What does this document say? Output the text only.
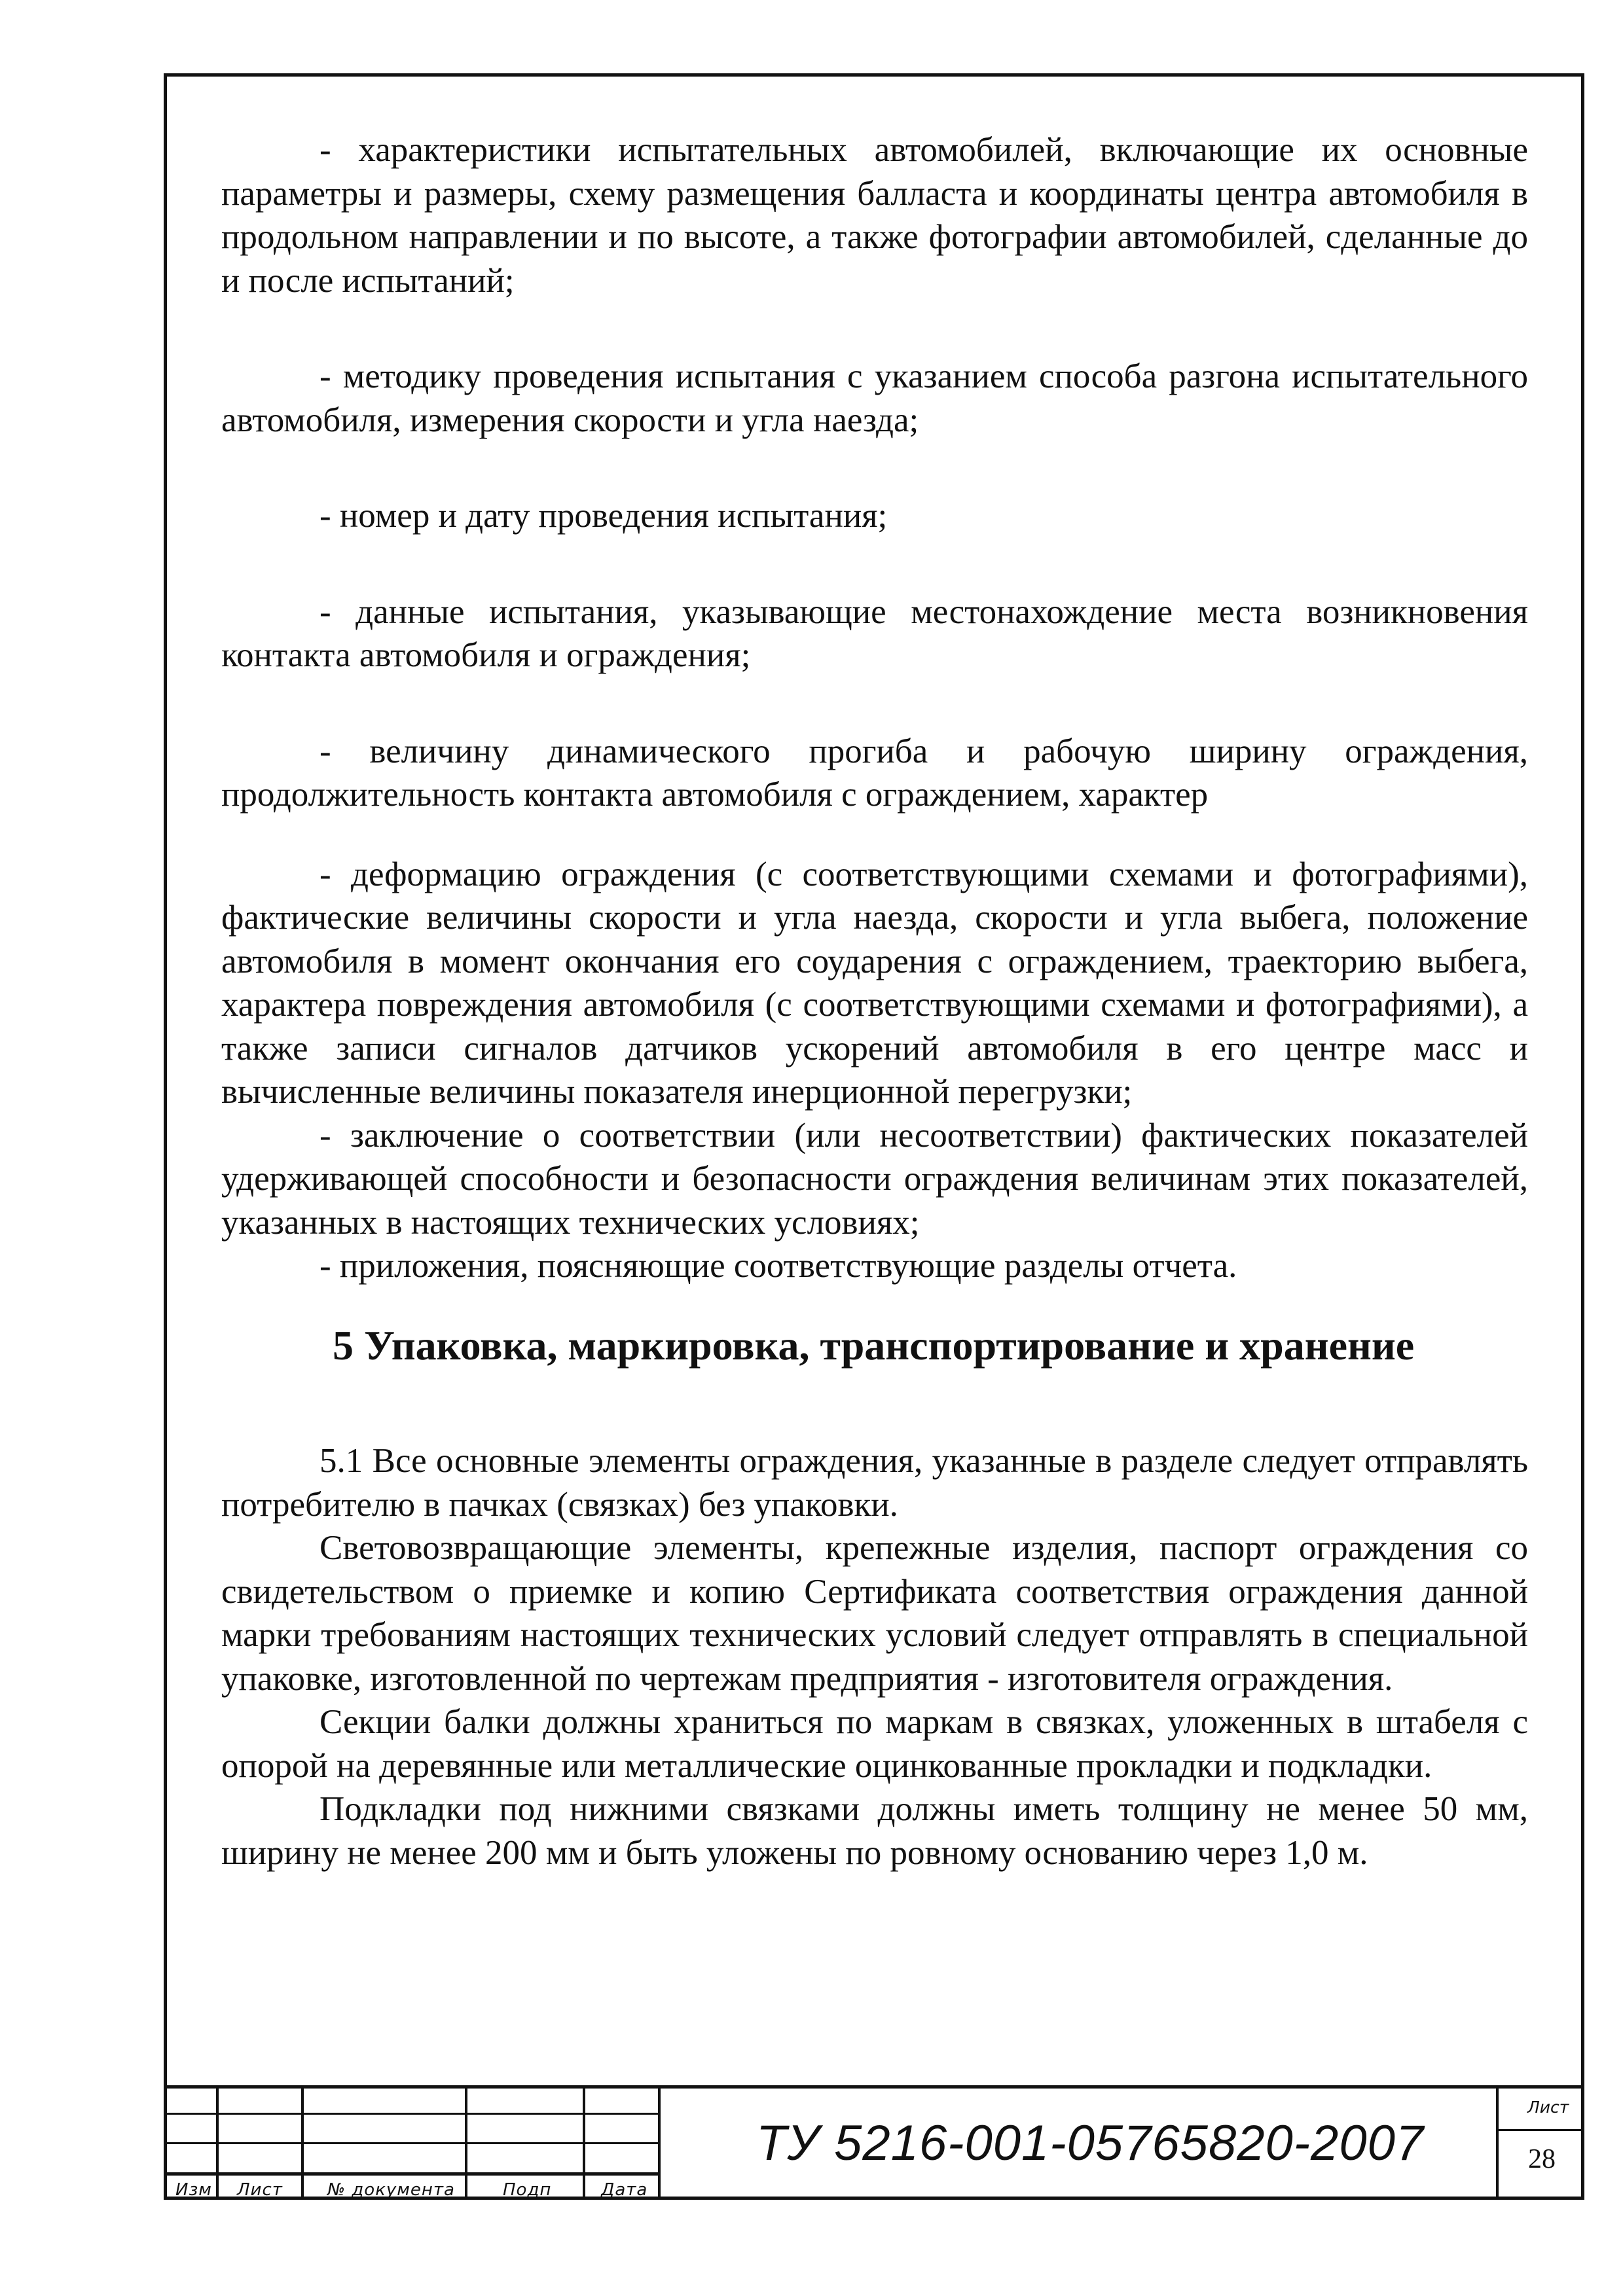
- характеристики испытательных автомобилей, включающие их основные параметры и размеры, схему размещения балласта и координаты центра автомобиля в продольном направлении и по высоте, а также фотографии автомобилей, сделанные до и после испытаний;

- методику проведения испытания с указанием способа разгона испытательного автомобиля, измерения скорости и угла наезда;

- номер и дату проведения испытания;

- данные испытания, указывающие местонахождение места возникновения контакта автомобиля и ограждения;

- величину динамического прогиба и рабочую ширину ограждения, продолжительность контакта автомобиля с ограждением, характер

- деформацию ограждения (с соответствующими схемами и фотографиями), фактические величины скорости и угла наезда, скорости и угла выбега, положение автомобиля в момент окончания его соударения с ограждением, траекторию выбега, характера повреждения автомобиля (с соответствующими схемами и фотографиями), а также записи сигналов датчиков ускорений автомобиля в его центре масс и вычисленные величины показателя инерционной перегрузки;

- заключение о соответствии (или несоответствии) фактических показателей удерживающей способности и безопасности ограждения величинам этих показателей, указанных в настоящих технических условиях;

- приложения, поясняющие соответствующие разделы отчета.

5 Упаковка, маркировка, транспортирование и хранение

5.1 Все основные элементы ограждения, указанные в разделе следует отправлять потребителю в пачках (связках) без упаковки.

Световозвращающие элементы, крепежные изделия, паспорт ограждения со свидетельством о приемке и копию Сертификата соответствия ограждения данной марки требованиям настоящих технических условий следует отправлять в специальной упаковке, изготовленной по чертежам предприятия - изготовителя ограждения.

Секции балки должны храниться по маркам в связках, уложенных в штабеля с опорой на деревянные или металлические оцинкованные прокладки и подкладки.

Подкладки под нижними связками должны иметь толщину не менее 50 мм, ширину не менее 200 мм и быть уложены по ровному основанию через 1,0 м.

Изм Лист	№ документа	Подп	Дата
ТУ 5216-001-05765820-2007
Лист
28
